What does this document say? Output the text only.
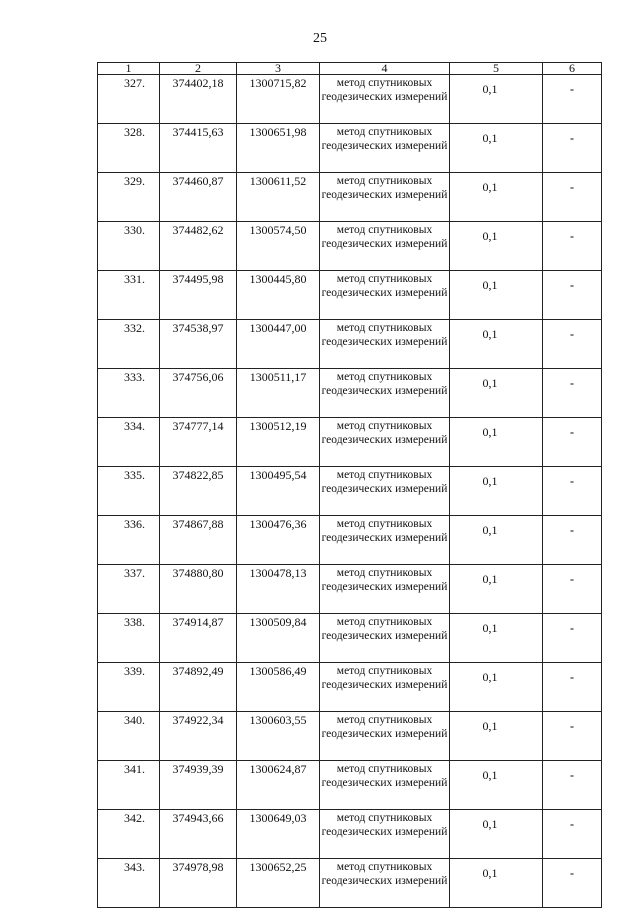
25
1	2	3	4	5	6
327.	374402,18	1300715,82	метод спутниковых геодезических измерений	0,1	-
328.	374415,63	1300651,98	метод спутниковых геодезических измерений	0,1	-
329.	374460,87	1300611,52	метод спутниковых геодезических измерений	0,1	-
330.	374482,62	1300574,50	метод спутниковых геодезических измерений	0,1	-
331.	374495,98	1300445,80	метод спутниковых геодезических измерений	0,1	-
332.	374538,97	1300447,00	метод спутниковых геодезических измерений	0,1	-
333.	374756,06	1300511,17	метод спутниковых геодезических измерений	0,1	-
334.	374777,14	1300512,19	метод спутниковых геодезических измерений	0,1	-
335.	374822,85	1300495,54	метод спутниковых геодезических измерений	0,1	-
336.	374867,88	1300476,36	метод спутниковых геодезических измерений	0,1	-
337.	374880,80	1300478,13	метод спутниковых геодезических измерений	0,1	-
338.	374914,87	1300509,84	метод спутниковых геодезических измерений	0,1	-
339.	374892,49	1300586,49	метод спутниковых геодезических измерений	0,1	-
340.	374922,34	1300603,55	метод спутниковых геодезических измерений	0,1	-
341.	374939,39	1300624,87	метод спутниковых геодезических измерений	0,1	-
342.	374943,66	1300649,03	метод спутниковых геодезических измерений	0,1	-
343.	374978,98	1300652,25	метод спутниковых геодезических измерений	0,1	-
